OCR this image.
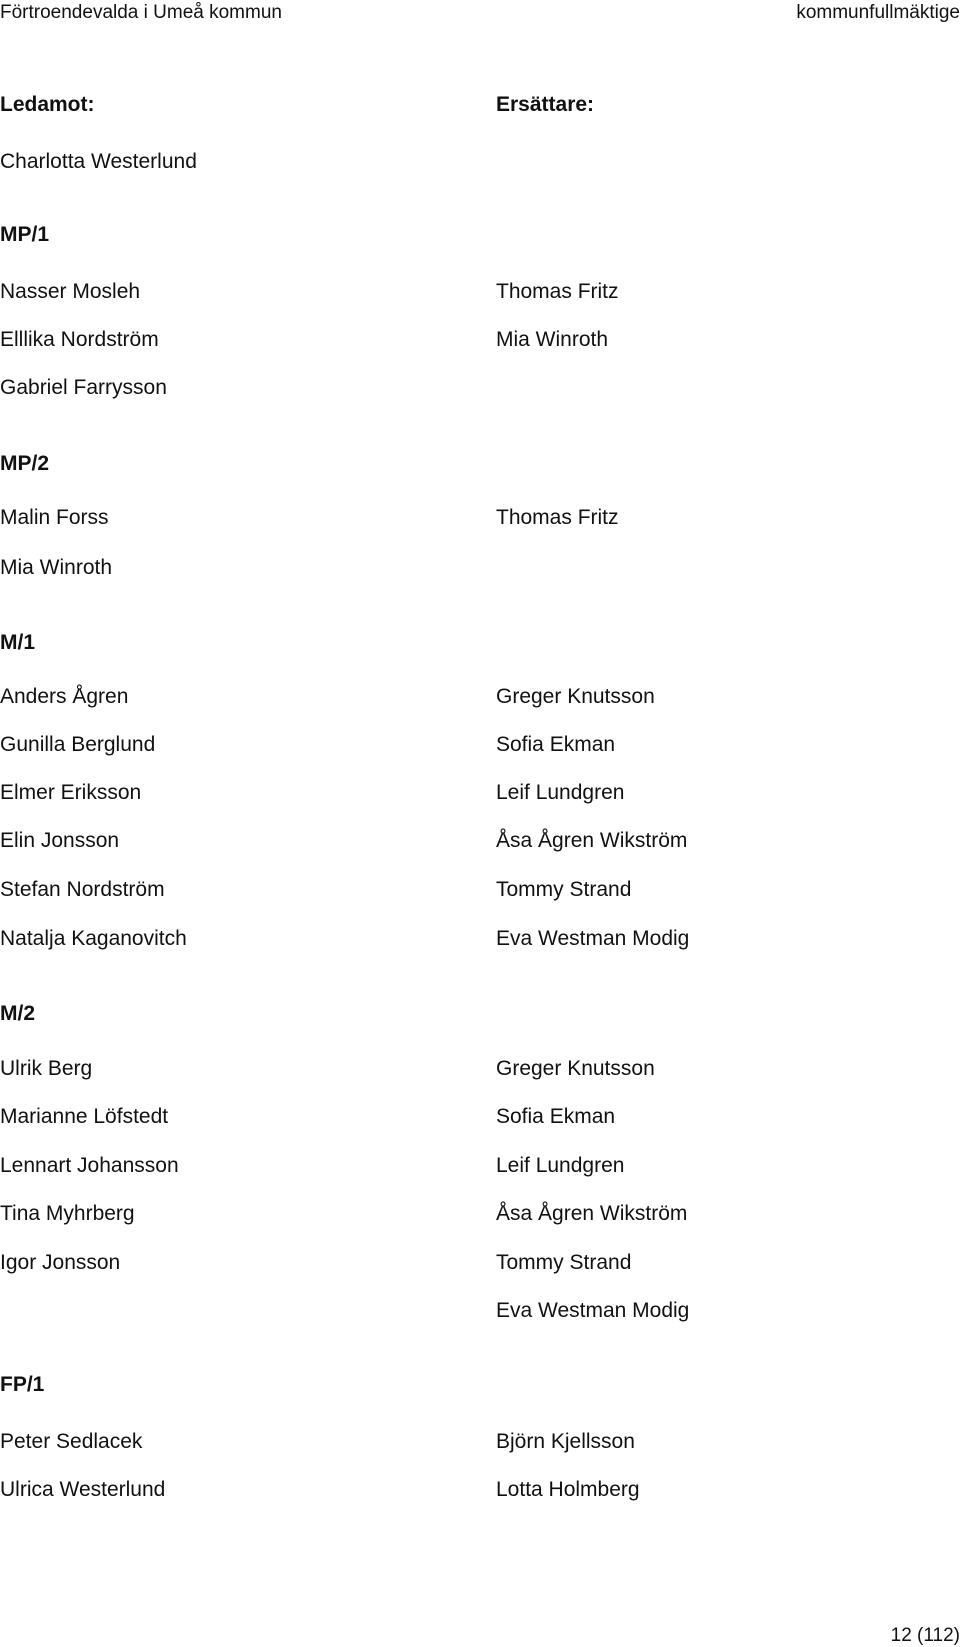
Förtroendevalda i Umeå kommun	kommunfullmäktige
Ledamot:	Ersättare:
Charlotta Westerlund
MP/1
Nasser Mosleh
Elllika Nordström
Gabriel Farrysson
Thomas Fritz
Mia Winroth
MP/2
Malin Forss
Mia Winroth
Thomas Fritz
M/1
Anders Ågren
Gunilla Berglund
Elmer Eriksson
Elin Jonsson
Stefan Nordström
Natalja Kaganovitch
Greger Knutsson
Sofia Ekman
Leif Lundgren
Åsa Ågren Wikström
Tommy Strand
Eva Westman Modig
M/2
Ulrik Berg
Marianne Löfstedt
Lennart Johansson
Tina Myhrberg
Igor Jonsson
Greger Knutsson
Sofia Ekman
Leif Lundgren
Åsa Ågren Wikström
Tommy Strand
Eva Westman Modig
FP/1
Peter Sedlacek
Ulrica Westerlund
Björn Kjellsson
Lotta Holmberg
12 (112)
